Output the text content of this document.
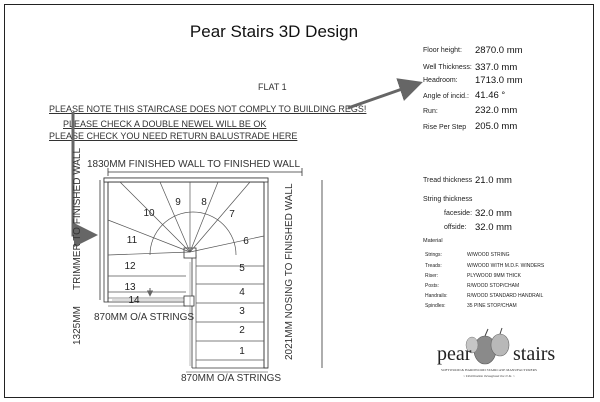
Pear Stairs 3D Design
FLAT 1
PLEASE NOTE THIS STAIRCASE DOES NOT COMPLY TO BUILDING REGS!
PLEASE CHECK A DOUBLE NEWEL WILL BE OK
PLEASE CHECK YOU NEED RETURN BALUSTRADE HERE
Floor height: 2870.0 mm
Well Thickness: 337.0 mm
Headroom: 1713.0 mm
Angle of incid.: 41.46 °
Run:	232.0 mm
Rise Per Step 205.0 mm
Tread thickness 21.0 mm
String thickness
faceside: 32.0 mm
offside: 32.0 mm
Material
Strings:	W/WOOD STRING
Treads:	W/WOOD WITH M.D.F. WINDERS
Riser:	PLYWOOD 9MM THICK
Posts:	R/WOOD STOP/CHAM
Handrails:	R/WOOD STANDARD HANDRAIL
Spindles:	35 PINE STOP/CHAM
1
2
3
4
5
6
7
8
9
10
11
12
13
14
1830MM FINISHED WALL TO FINISHED WALL
870MM O/A STRINGS
870MM O/A STRINGS
TRIMMER TO FINISHED WALL
1325MM	2021MM NOSING TO FINISHED WALL	pear stairs
SOFTWOOD & HARDWOOD STAIRCASE MANUFACTURERS
~ Distribution throughout the U.K. ~
